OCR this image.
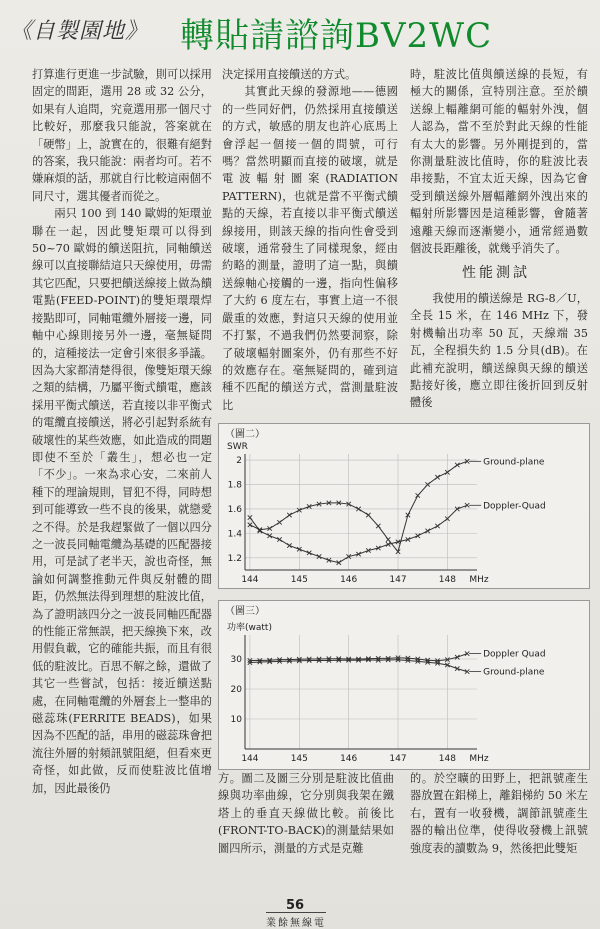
《自製園地》 轉貼請諮詢BV2WC

打算進行更進一步試驗，則可以採用固定的間距，選用 28 或 32 公分，如果有人追問，究竟選用那一個尺寸比較好，那麼我只能說，答案就在「硬幣」上，說實在的，很難有絕對的答案，我只能說：兩者均可。若不嫌麻煩的話，那就自行比較這兩個不同尺寸，選其優者而從之。

兩只 100 到 140 歐姆的矩環並聯在一起，因此雙矩環可以得到 50~70 歐姆的饋送阻抗，同軸饋送線可以直接聯結這只天線使用，毋需其它匹配，只要把饋送線接上做為饋電點(FEED-POINT)的雙矩環環焊接點即可，同軸電纜外層接一邊，同軸中心線則接另外一邊，毫無疑問的，這種接法一定會引來很多爭議。因為大家都清楚得很，像雙矩環天線之類的結構，乃屬平衡式饋電，應該採用平衡式饋送，若直接以非平衡式的電纜直接饋送，將必引起對系統有破壞性的某些效應，如此造成的問題即使不至於「叢生」，想必也一定「不少」。一來為求心安，二來前人種下的理論規則，冒犯不得，同時想到可能導致一些不良的後果，就戀愛之不得。於是我趕緊做了一個以四分之一波長同軸電纜為基礎的匹配器接用，可是試了老半天，說也奇怪，無論如何調整推動元件與反射體的間距，仍然無法得到理想的駐波比值，為了證明該四分之一波長同軸匹配器的性能正常無誤，把天線換下來，改用假負載，它的確能共振，而且有很低的駐波比。百思不解之餘，還做了其它一些嘗試，包括：接近饋送點處，在同軸電纜的外層套上一整串的磁蕊珠(FERRITE BEADS)，如果因為不匹配的話，串用的磁蕊珠會把流往外層的射頻訊號阻絕，但看來更奇怪，如此做，反而使駐波比值增加，因此最後仍

決定採用直接饋送的方式。

其實此天線的發源地——德國的一些同好們，仍然採用直接饋送的方式，敏感的朋友也許心底馬上會浮起一個接一個的問號，可行嗎？當然明顯而直接的破壞，就是電波輻射圖案(RADIATION PATTERN)，也就是當不平衡式饋點的天線，若直接以非平衡式饋送線接用，則該天線的指向性會受到破壞，通常發生了同樣現象，經由約略的測量，證明了這一點，與饋送線軸心接觸的一邊，指向性偏移了大約 6 度左右，事實上這一不很嚴重的效應，對這只天線的使用並不打緊，不過我們仍然要洞察，除了破壞輻射圖案外，仍有那些不好的效應存在。毫無疑問的，確到這種不匹配的饋送方式，當測量駐波比

時，駐波比值與饋送線的長短，有極大的關係，宣特別注意。至於饋送線上輻離網可能的輻射外洩，個人認為，當不至於對此天線的性能有太大的影響。另外剛提到的，當你測量駐波比值時，你的駐波比表串接點，不宜太近天線，因為它會受到饋送線外層輻離網外洩出來的輻射所影響因是這種影響，會隨著遠離天線而逐漸變小，通常經過數個波長距離後，就幾乎消失了。

性能測試

我使用的饋送線是 RG-8／U，全長 15 米，在 146 MHz 下，發射機輸出功率 50 瓦，天線端 35 瓦，全程損失約 1.5 分貝(dB)。在此補充說明，饋送線與天線的饋送點接好後，應立即往後折回到反射體後

（圖二）
SWR
144	145	146	147	148 MHz
1.2
1.4
1.6
1.8
2	Ground-plane
Doppler-Quad
（圖三）
功率(watt)
144	145	146	147	148 MHz
10
20
30
Doppler Quad
Ground-plane
方。圖二及圖三分別是駐波比值曲線與功率曲線，它分別與我架在鐵塔上的垂直天線做比較。前後比(FRONT-TO-BACK)的測量結果如圖四所示，測量的方式是克難
的。於空曠的田野上，把訊號產生器放置在鋁梯上，離鋁梯約 50 米左右，置有一收發機，調節訊號產生器的輸出位準，使得收發機上訊號強度表的讀數為 9，然後把此雙矩
56
業餘無線電
